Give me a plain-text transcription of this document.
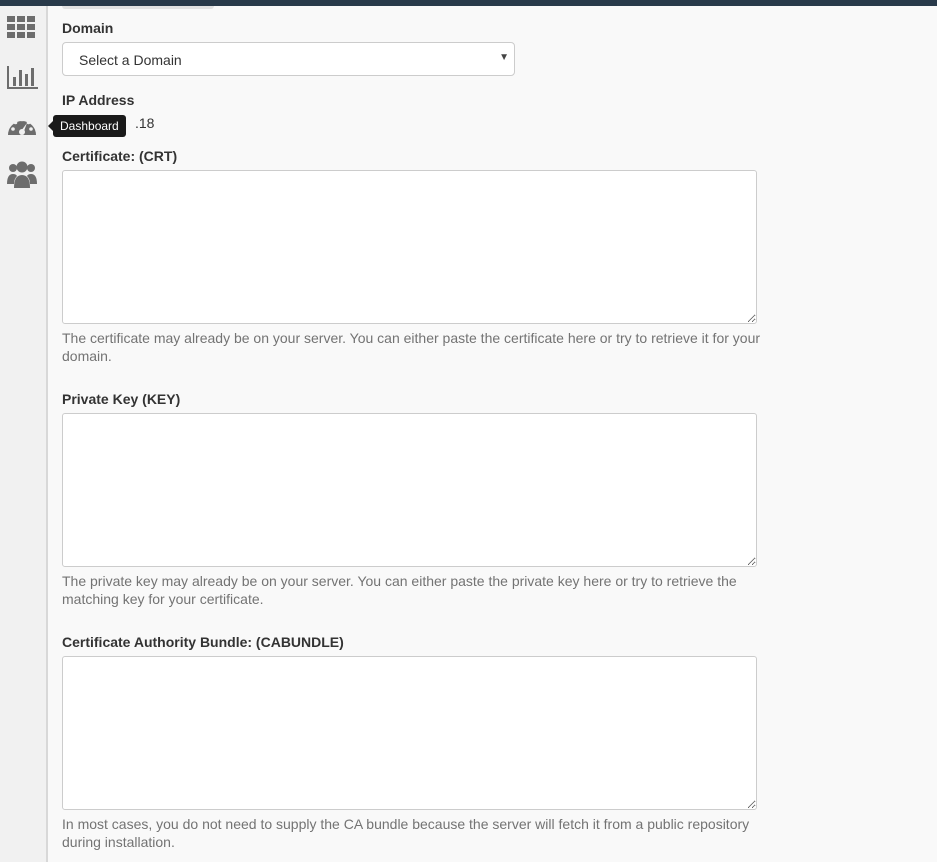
Dashboard
Domain
Select a Domain	▼
IP Address
.18
Certificate: (CRT)
The certificate may already be on your server. You can either paste the certificate here or try to retrieve it for your domain.
Private Key (KEY)
The private key may already be on your server. You can either paste the private key here or try to retrieve the matching key for your certificate.
Certificate Authority Bundle: (CABUNDLE)
In most cases, you do not need to supply the CA bundle because the server will fetch it from a public repository during installation.
